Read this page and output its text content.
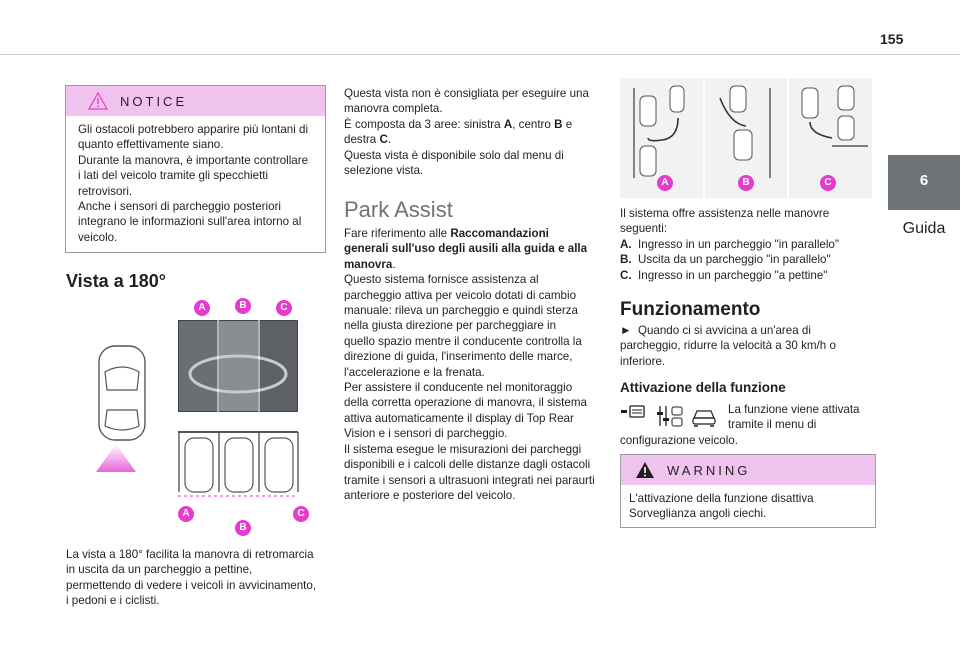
155
6
Guida
NOTICE

Gli ostacoli potrebbero apparire più lontani di

quanto effettivamente siano.

Durante la manovra, è importante controllare

i lati del veicolo tramite gli specchietti

retrovisori.

Anche i sensori di parcheggio posteriori

integrano le informazioni sull'area intorno al

veicolo.

Vista a 180°
A	B	C
A
B
C

La vista a 180° facilita la manovra di retromarcia

in uscita da un parcheggio a pettine,

permettendo di vedere i veicoli in avvicinamento,

i pedoni e i ciclisti.

Questa vista non è consigliata per eseguire una

manovra completa.

È composta da 3 aree: sinistra A, centro B e

destra C.

Questa vista è disponibile solo dal menu di

selezione vista.

Park Assist

Fare riferimento alle Raccomandazioni

generali sull'uso degli ausili alla guida e alla

manovra.

Questo sistema fornisce assistenza al

parcheggio attiva per veicolo dotati di cambio

manuale: rileva un parcheggio e quindi sterza

nella giusta direzione per parcheggiare in

quello spazio mentre il conducente controlla la

direzione di guida, l'inserimento delle marce,

l'accelerazione e la frenata.

Per assistere il conducente nel monitoraggio

della corretta operazione di manovra, il sistema

attiva automaticamente il display di Top Rear

Vision e i sensori di parcheggio.

Il sistema esegue le misurazioni dei parcheggi

disponibili e i calcoli delle distanze dagli ostacoli

tramite i sensori a ultrasuoni integrati nei paraurti

anteriore e posteriore del veicolo.

A	B	C

Il sistema offre assistenza nelle manovre

seguenti:

A. Ingresso in un parcheggio "in parallelo"

B. Uscita da un parcheggio "in parallelo"

C. Ingresso in un parcheggio "a pettine"

Funzionamento

► Quando ci si avvicina a un'area di

parcheggio, ridurre la velocità a 30 km/h o

inferiore.

Attivazione della funzione

La funzione viene attivata

tramite il menu di

configurazione veicolo.

WARNING

L'attivazione della funzione disattiva

Sorveglianza angoli ciechi.
